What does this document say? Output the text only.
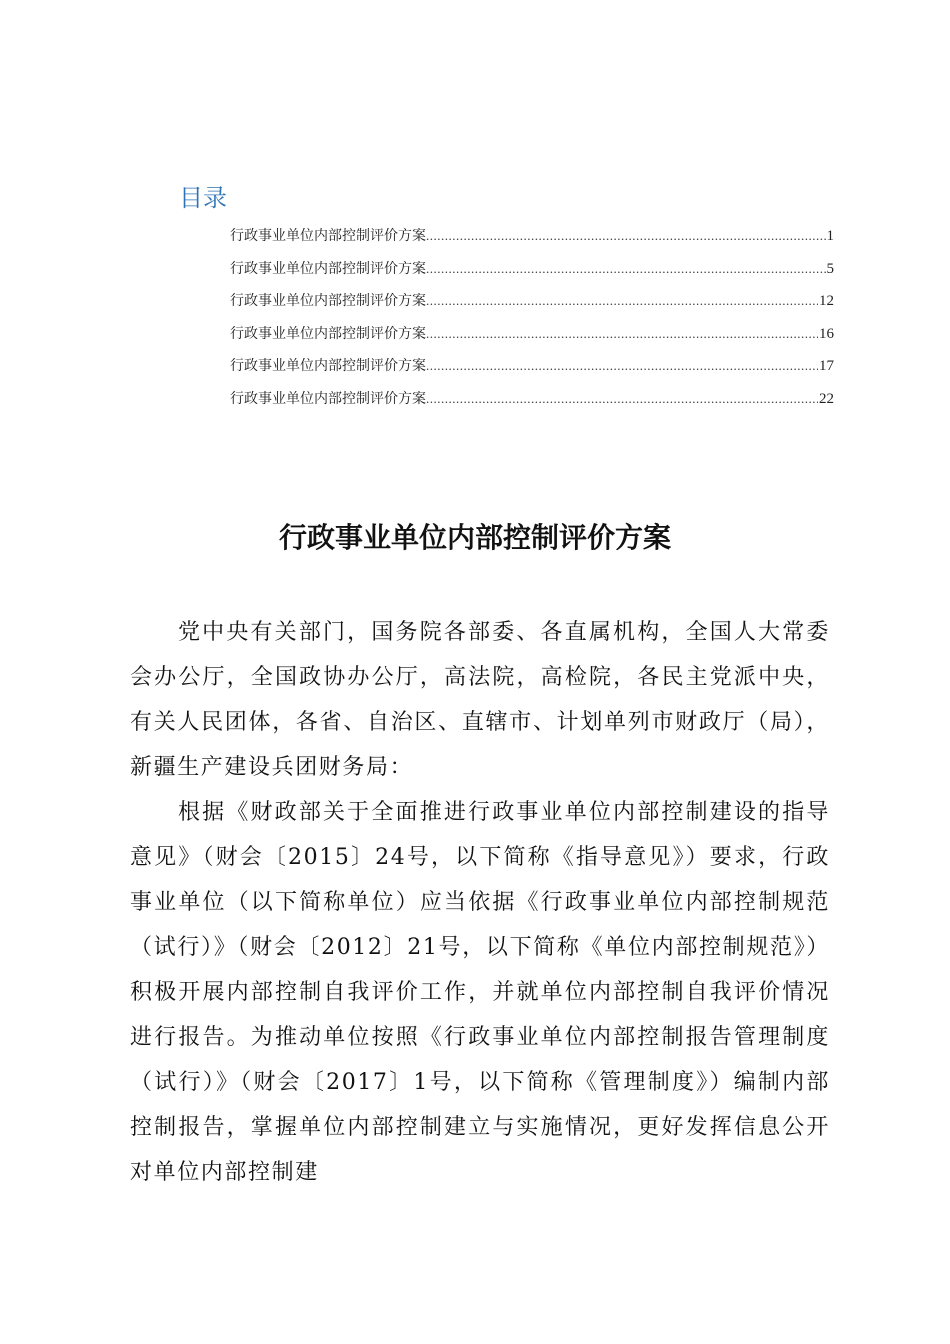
目录
行政事业单位内部控制评价方案 .....	1
行政事业单位内部控制评价方案 .....	5
行政事业单位内部控制评价方案 .....	12
行政事业单位内部控制评价方案 .....	16
行政事业单位内部控制评价方案 .....	17
行政事业单位内部控制评价方案 .....	22
行政事业单位内部控制评价方案

党中央有关部门，国务院各部委、各直属机构，全国人大常委会办公厅，全国政协办公厅，高法院，高检院，各民主党派中央，有关人民团体，各省、自治区、直辖市、计划单列市财政厅（局），新疆生产建设兵团财务局：

根据《财政部关于全面推进行政事业单位内部控制建设的指导意见》（财会〔2015〕24号，以下简称《指导意见》）要求，行政事业单位（以下简称单位）应当依据《行政事业单位内部控制规范（试行）》（财会〔2012〕21号，以下简称《单位内部控制规范》）积极开展内部控制自我评价工作，并就单位内部控制自我评价情况进行报告。为推动单位按照《行政事业单位内部控制报告管理制度（试行）》（财会〔2017〕1号，以下简称《管理制度》）编制内部控制报告，掌握单位内部控制建立与实施情况，更好发挥信息公开对单位内部控制建
